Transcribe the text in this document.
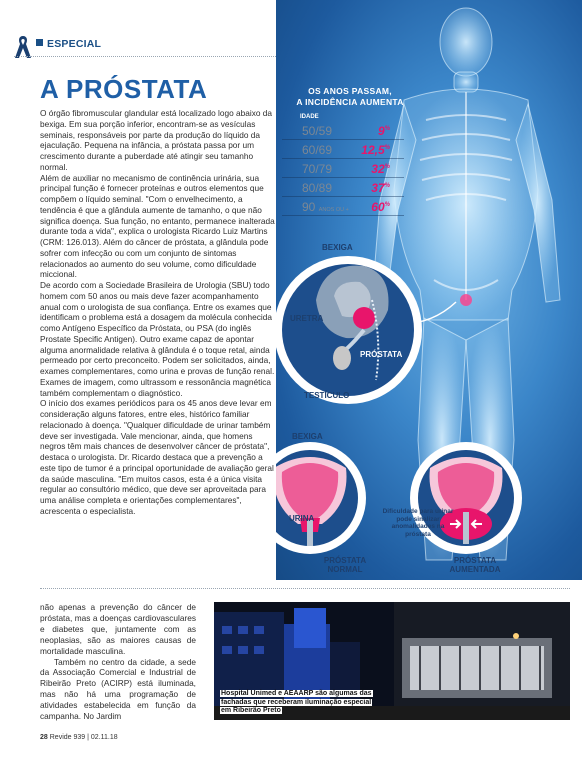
ESPECIAL
A PRÓSTATA

O órgão fibromuscular glandular está localizado logo abaixo da bexiga. Em sua porção inferior, encontram-se as vesículas seminais, responsáveis por parte da produção do líquido da ejaculação. Pequena na infância, a próstata passa por um crescimento durante a puberdade até atingir seu tamanho normal.

Além de auxiliar no mecanismo de continência urinária, sua principal função é fornecer proteínas e outros elementos que compõem o líquido seminal. "Com o envelhecimento, a tendência é que a glândula aumente de tamanho, o que não significa doença. Sua função, no entanto, permanece inalterada durante toda a vida", explica o urologista Ricardo Luiz Martins (CRM: 126.013). Além do câncer de próstata, a glândula pode sofrer com infecção ou com um conjunto de sintomas relacionados ao aumento do seu volume, como dificuldade miccional.

De acordo com a Sociedade Brasileira de Urologia (SBU) todo homem com 50 anos ou mais deve fazer acompanhamento anual com o urologista de sua confiança. Entre os exames que identificam o problema está a dosagem da molécula conhecida como Antígeno Específico da Próstata, ou PSA (do inglês Prostate Specific Antigen). Outro exame capaz de apontar alguma anormalidade relativa à glândula é o toque retal, ainda permeado por certo preconceito. Podem ser solicitados, ainda, exames complementares, como urina e provas de função renal. Exames de imagem, como ultrassom e ressonância magnética também complementam o diagnóstico.

O início dos exames periódicos para os 45 anos deve levar em consideração alguns fatores, entre eles, histórico familiar relacionado à doença. "Qualquer dificuldade de urinar também deve ser investigada. Vale mencionar, ainda, que homens negros têm mais chances de desenvolver câncer de próstata", destaca o urologista. Dr. Ricardo destaca que a prevenção a este tipo de tumor é a principal oportunidade de avaliação geral da saúde masculina. "Em muitos casos, esta é a única visita regular ao consultório médico, que deve ser aproveitada para uma análise completa e orientações complementares", acrescenta o especialista.

OS ANOS PASSAM,
A INCIDÊNCIA AUMENTA
IDADE
50/59	9%
60/69 12,5%
70/79	32%
80/89	37%
90 ANOS OU + 60%
BEXIGA
URETRA
PRÓSTATA
TESTÍCULO
BEXIGA
URINA
Dificuldade para urinar pode sinalizar anomalidades na próstata
PRÓSTATA
NORMAL
PRÓSTATA
AUMENTADA

não apenas a prevenção do câncer de próstata, mas a doenças cardiovasculares e diabetes que, juntamente com as neoplasias, são as maiores causas de mortalidade masculina.

Também no centro da cidade, a sede da Associação Comercial e Industrial de Ribeirão Preto (ACIRP) está iluminada, mas não há uma programação de atividades estabelecida em função da campanha. No Jardim

Hospital Unimed e AEAARP são algumas das fachadas que receberam iluminação especial em Ribeirão Preto
28 Revide 939 | 02.11.18
